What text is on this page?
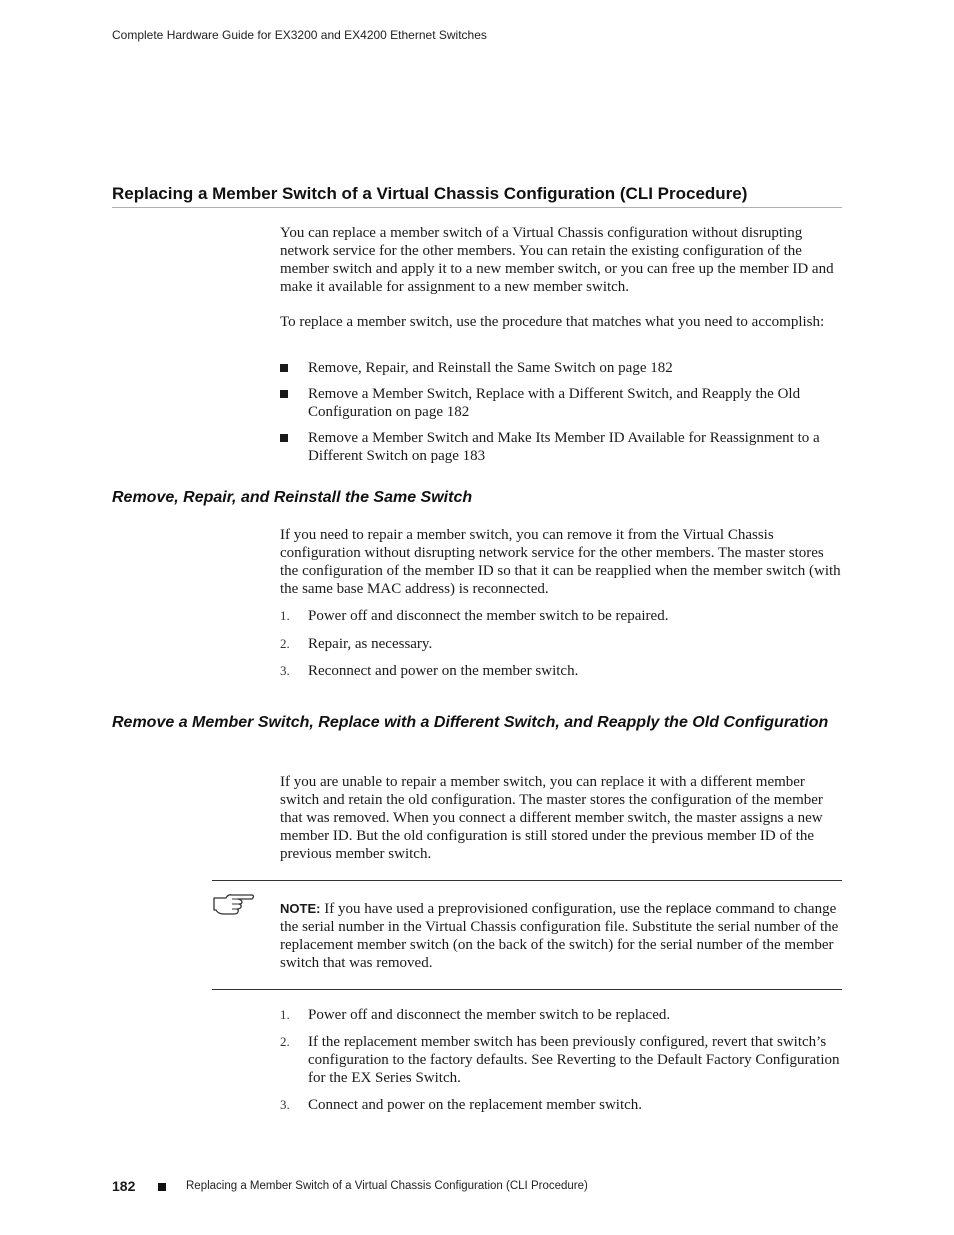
Complete Hardware Guide for EX3200 and EX4200 Ethernet Switches
Replacing a Member Switch of a Virtual Chassis Configuration (CLI Procedure)

You can replace a member switch of a Virtual Chassis configuration without disrupting network service for the other members. You can retain the existing configuration of the member switch and apply it to a new member switch, or you can free up the member ID and make it available for assignment to a new member switch.

To replace a member switch, use the procedure that matches what you need to accomplish:

Remove, Repair, and Reinstall the Same Switch on page 182
Remove a Member Switch, Replace with a Different Switch, and Reapply the Old Configuration on page 182
Remove a Member Switch and Make Its Member ID Available for Reassignment to a Different Switch on page 183
Remove, Repair, and Reinstall the Same Switch

If you need to repair a member switch, you can remove it from the Virtual Chassis configuration without disrupting network service for the other members. The master stores the configuration of the member ID so that it can be reapplied when the member switch (with the same base MAC address) is reconnected.

1. Power off and disconnect the member switch to be repaired.
2. Repair, as necessary.
3. Reconnect and power on the member switch.
Remove a Member Switch, Replace with a Different Switch, and Reapply the Old Configuration

If you are unable to repair a member switch, you can replace it with a different member switch and retain the old configuration. The master stores the configuration of the member that was removed. When you connect a different member switch, the master assigns a new member ID. But the old configuration is still stored under the previous member ID of the previous member switch.

NOTE: If you have used a preprovisioned configuration, use the replace command to change the serial number in the Virtual Chassis configuration file. Substitute the serial number of the replacement member switch (on the back of the switch) for the serial number of the member switch that was removed.

1. Power off and disconnect the member switch to be replaced.
2. If the replacement member switch has been previously configured, revert that switch’s configuration to the factory defaults. See Reverting to the Default Factory Configuration for the EX Series Switch.
3. Connect and power on the replacement member switch.
182	Replacing a Member Switch of a Virtual Chassis Configuration (CLI Procedure)
